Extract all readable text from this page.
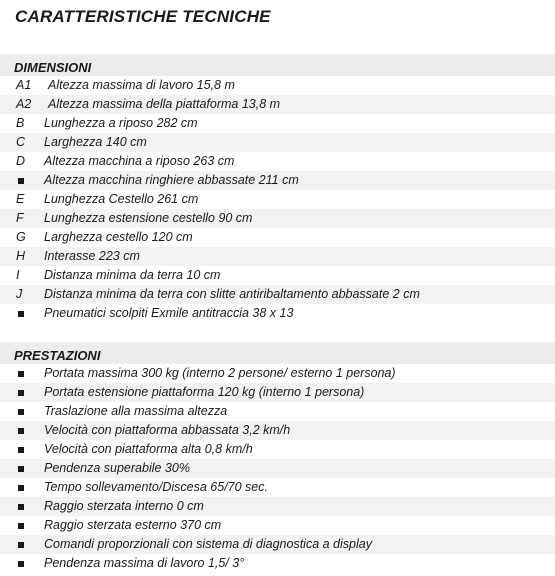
CARATTERISTICHE TECNICHE
DIMENSIONI
A1 Altezza massima di lavoro 15,8 m
A2 Altezza massima della piattaforma 13,8 m
B Lunghezza a riposo 282 cm
C Larghezza 140 cm
D Altezza macchina a riposo 263 cm
Altezza macchina ringhiere abbassate 211 cm
E Lunghezza Cestello 261 cm
F Lunghezza estensione cestello 90 cm
G Larghezza cestello 120 cm
H Interasse 223 cm
I Distanza minima da terra 10 cm
J Distanza minima da terra con slitte antiribaltamento abbassate 2 cm
Pneumatici scolpiti Exmile antitraccia 38 x 13
PRESTAZIONI
Portata massima 300 kg (interno 2 persone/ esterno 1 persona)
Portata estensione piattaforma 120 kg (interno 1 persona)
Traslazione alla massima altezza
Velocità con piattaforma abbassata 3,2 km/h
Velocità con piattaforma alta 0,8 km/h
Pendenza superabile 30%
Tempo sollevamento/Discesa 65/70 sec.
Raggio sterzata interno 0 cm
Raggio sterzata esterno 370 cm
Comandi proporzionali con sistema di diagnostica a display
Pendenza massima di lavoro 1,5/ 3°
